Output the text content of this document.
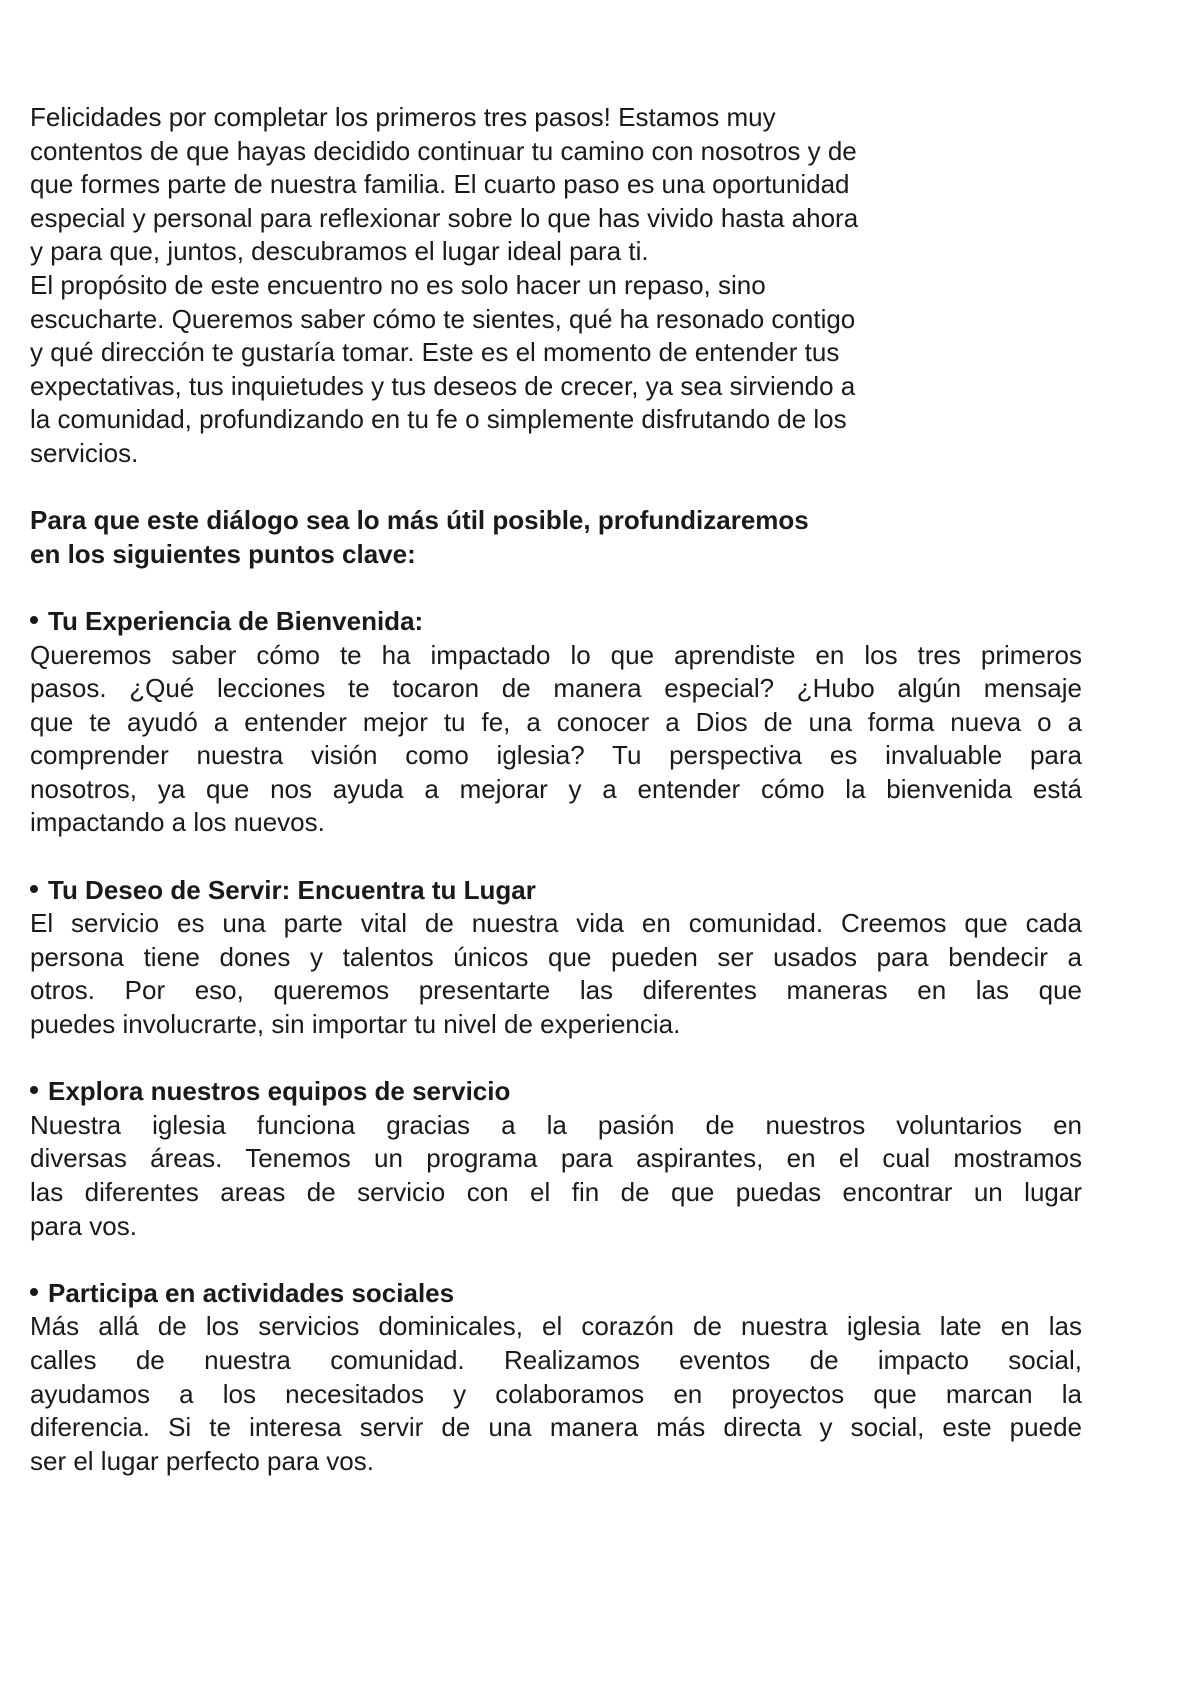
Felicidades por completar los primeros tres pasos! Estamos muy
contentos de que hayas decidido continuar tu camino con nosotros y de
que formes parte de nuestra familia. El cuarto paso es una oportunidad
especial y personal para reflexionar sobre lo que has vivido hasta ahora
y para que, juntos, descubramos el lugar ideal para ti.
El propósito de este encuentro no es solo hacer un repaso, sino
escucharte. Queremos saber cómo te sientes, qué ha resonado contigo
y qué dirección te gustaría tomar. Este es el momento de entender tus
expectativas, tus inquietudes y tus deseos de crecer, ya sea sirviendo a
la comunidad, profundizando en tu fe o simplemente disfrutando de los
servicios.
Para que este diálogo sea lo más útil posible, profundizaremos
en los siguientes puntos clave:
Tu Experiencia de Bienvenida:
Queremos saber cómo te ha impactado lo que aprendiste en los tres primeros
pasos. ¿Qué lecciones te tocaron de manera especial? ¿Hubo algún mensaje
que te ayudó a entender mejor tu fe, a conocer a Dios de una forma nueva o a
comprender nuestra visión como iglesia? Tu perspectiva es invaluable para
nosotros, ya que nos ayuda a mejorar y a entender cómo la bienvenida está
impactando a los nuevos.
Tu Deseo de Servir: Encuentra tu Lugar
El servicio es una parte vital de nuestra vida en comunidad. Creemos que cada
persona tiene dones y talentos únicos que pueden ser usados para bendecir a
otros. Por eso, queremos presentarte las diferentes maneras en las que
puedes involucrarte, sin importar tu nivel de experiencia.
Explora nuestros equipos de servicio
Nuestra iglesia funciona gracias a la pasión de nuestros voluntarios en
diversas áreas. Tenemos un programa para aspirantes, en el cual mostramos
las diferentes areas de servicio con el fin de que puedas encontrar un lugar
para vos.
Participa en actividades sociales
Más allá de los servicios dominicales, el corazón de nuestra iglesia late en las
calles de nuestra comunidad. Realizamos eventos de impacto social,
ayudamos a los necesitados y colaboramos en proyectos que marcan la
diferencia. Si te interesa servir de una manera más directa y social, este puede
ser el lugar perfecto para vos.
